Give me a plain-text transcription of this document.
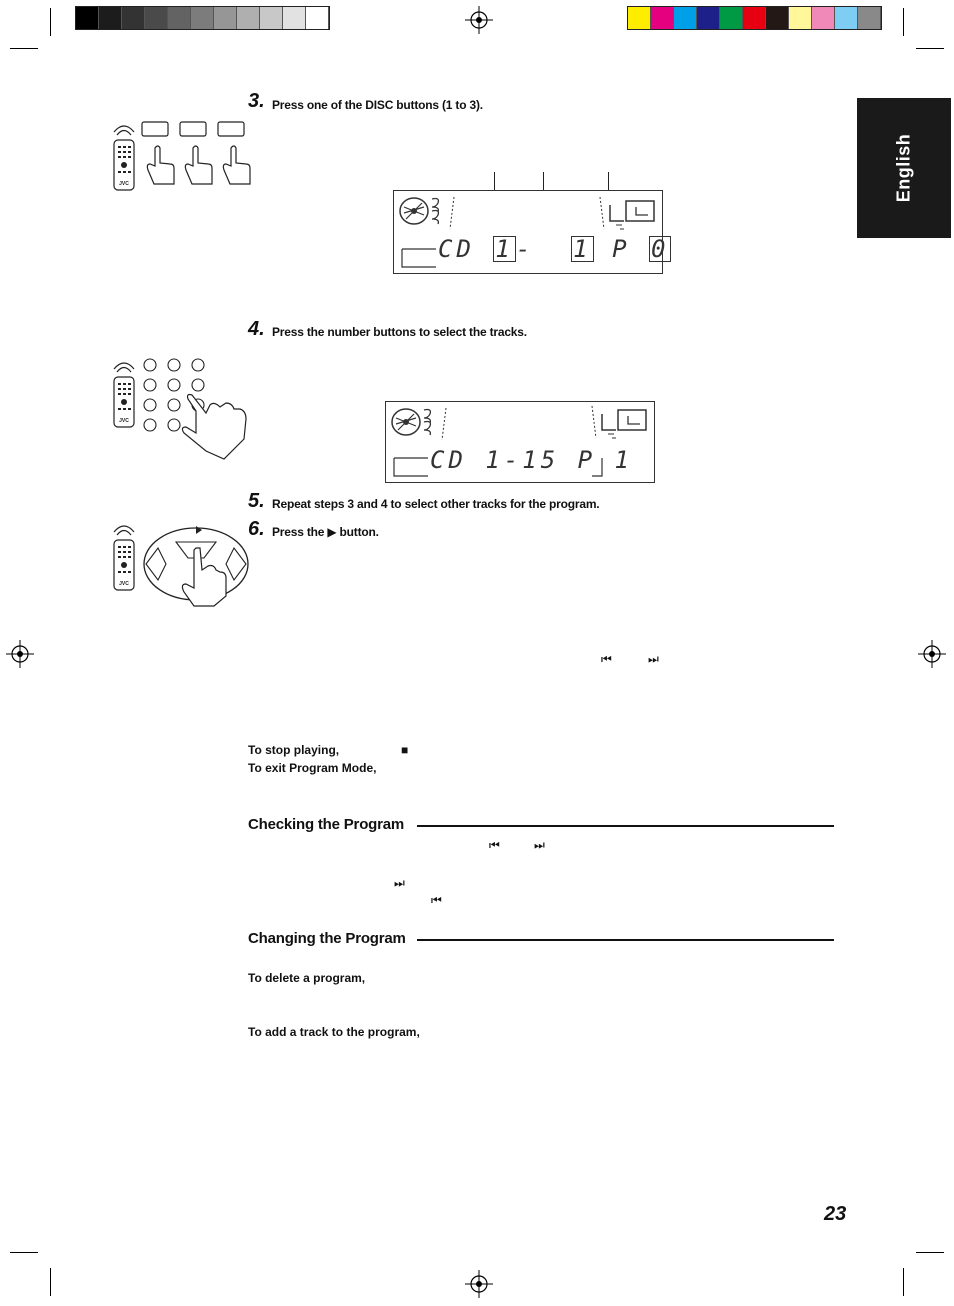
English
3. Press one of the DISC buttons (1 to 3).
JVC
CD 1- 1 P 0
4. Press the number buttons to select the tracks.
JVC
CD 1-15 P 1
5. Repeat steps 3 and 4 to select other tracks for the program.
6. Press the ▶ button.
JVC
⏮	⏭
To stop playing,	■
To exit Program Mode,
Checking the Program
⏮	⏭
⏭
⏮
Changing the Program
To delete a program,
To add a track to the program,
23
